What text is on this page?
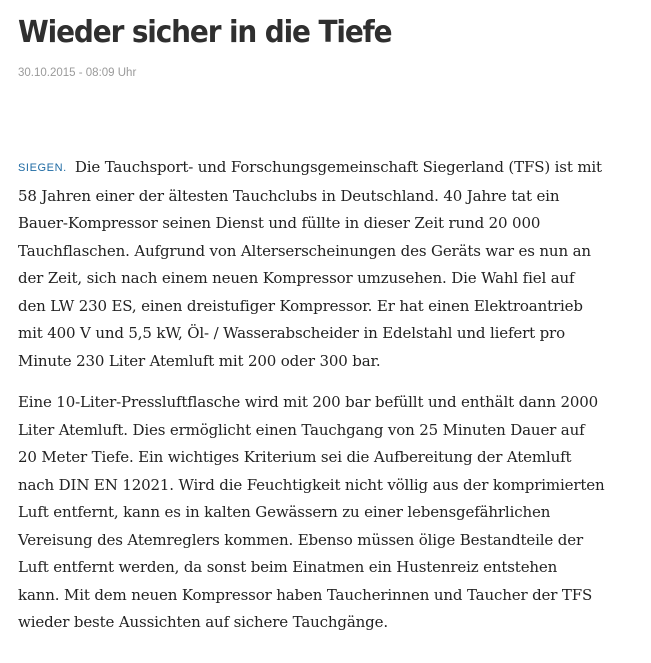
Wieder sicher in die Tiefe
30.10.2015 - 08:09 Uhr

SIEGEN. Die Tauchsport- und Forschungsgemeinschaft Siegerland (TFS) ist mit
58 Jahren einer der ältesten Tauchclubs in Deutschland. 40 Jahre tat ein
Bauer-Kompressor seinen Dienst und füllte in dieser Zeit rund 20 000
Tauchflaschen. Aufgrund von Alterserscheinungen des Geräts war es nun an
der Zeit, sich nach einem neuen Kompressor umzusehen. Die Wahl fiel auf
den LW 230 ES, einen dreistufiger Kompressor. Er hat einen Elektroantrieb
mit 400 V und 5,5 kW, Öl- / Wasserabscheider in Edelstahl und liefert pro
Minute 230 Liter Atemluft mit 200 oder 300 bar.

Eine 10-Liter-Pressluftflasche wird mit 200 bar befüllt und enthält dann 2000
Liter Atemluft. Dies ermöglicht einen Tauchgang von 25 Minuten Dauer auf
20 Meter Tiefe. Ein wichtiges Kriterium sei die Aufbereitung der Atemluft
nach DIN EN 12021. Wird die Feuchtigkeit nicht völlig aus der komprimierten
Luft entfernt, kann es in kalten Gewässern zu einer lebensgefährlichen
Vereisung des Atemreglers kommen. Ebenso müssen ölige Bestandteile der
Luft entfernt werden, da sonst beim Einatmen ein Hustenreiz entstehen
kann. Mit dem neuen Kompressor haben Taucherinnen und Taucher der TFS
wieder beste Aussichten auf sichere Tauchgänge.
